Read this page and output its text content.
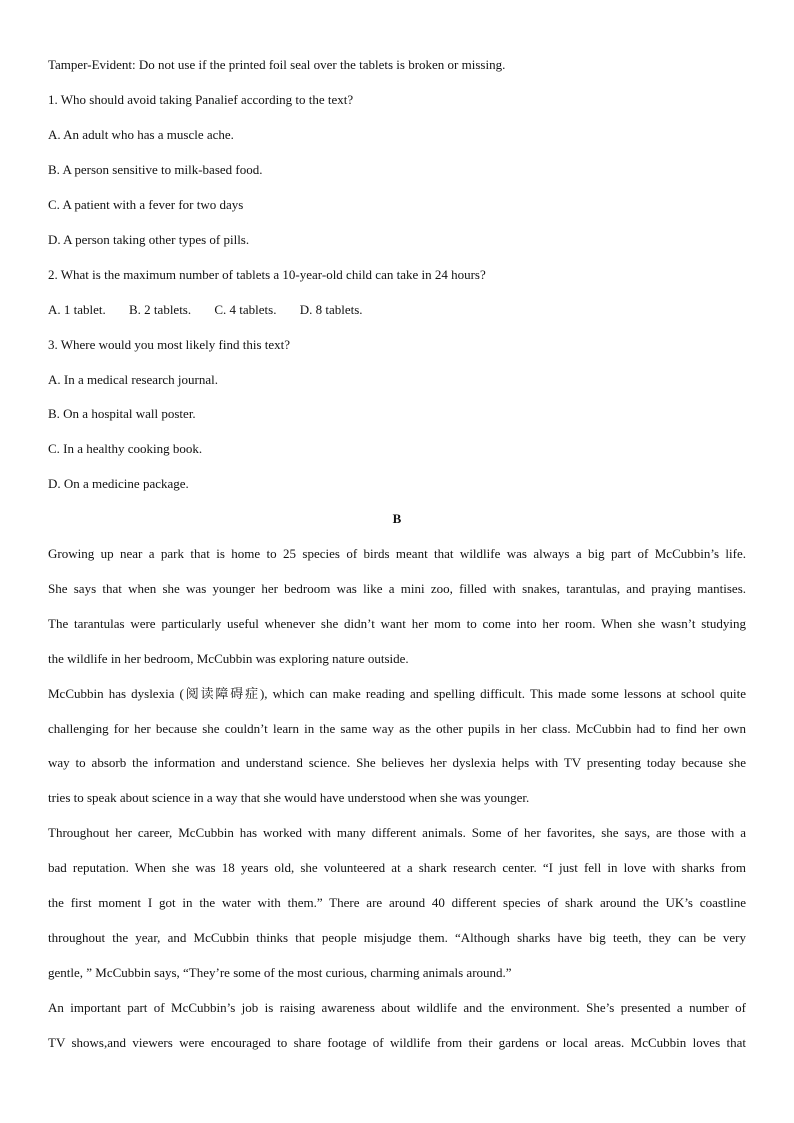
Tamper-Evident: Do not use if the printed foil seal over the tablets is broken or missing.
1. Who should avoid taking Panalief according to the text?
A. An adult who has a muscle ache.
B. A person sensitive to milk-based food.
C. A patient with a fever for two days
D. A person taking other types of pills.
2. What is the maximum number of tablets a 10-year-old child can take in 24 hours?
A. 1 tablet. B. 2 tablets. C. 4 tablets. D. 8 tablets.
3. Where would you most likely find this text?
A. In a medical research journal.
B. On a hospital wall poster.
C. In a healthy cooking book.
D. On a medicine package.
B
Growing up near a park that is home to 25 species of birds meant that wildlife was always a big part of McCubbin’s life.
She says that when she was younger her bedroom was like a mini zoo, filled with snakes, tarantulas, and praying mantises.
The tarantulas were particularly useful whenever she didn’t want her mom to come into her room. When she wasn’t studying
the wildlife in her bedroom, McCubbin was exploring nature outside.
McCubbin has dyslexia (阅读障碍症), which can make reading and spelling difficult. This made some lessons at school quite
challenging for her because she couldn’t learn in the same way as the other pupils in her class. McCubbin had to find her own
way to absorb the information and understand science. She believes her dyslexia helps with TV presenting today because she
tries to speak about science in a way that she would have understood when she was younger.
Throughout her career, McCubbin has worked with many different animals. Some of her favorites, she says, are those with a
bad reputation. When she was 18 years old, she volunteered at a shark research center. “I just fell in love with sharks from
the first moment I got in the water with them.” There are around 40 different species of shark around the UK’s coastline
throughout the year, and McCubbin thinks that people misjudge them. “Although sharks have big teeth, they can be very
gentle, ” McCubbin says, “They’re some of the most curious, charming animals around.”
An important part of McCubbin’s job is raising awareness about wildlife and the environment. She’s presented a number of
TV shows,and viewers were encouraged to share footage of wildlife from their gardens or local areas. McCubbin loves that
